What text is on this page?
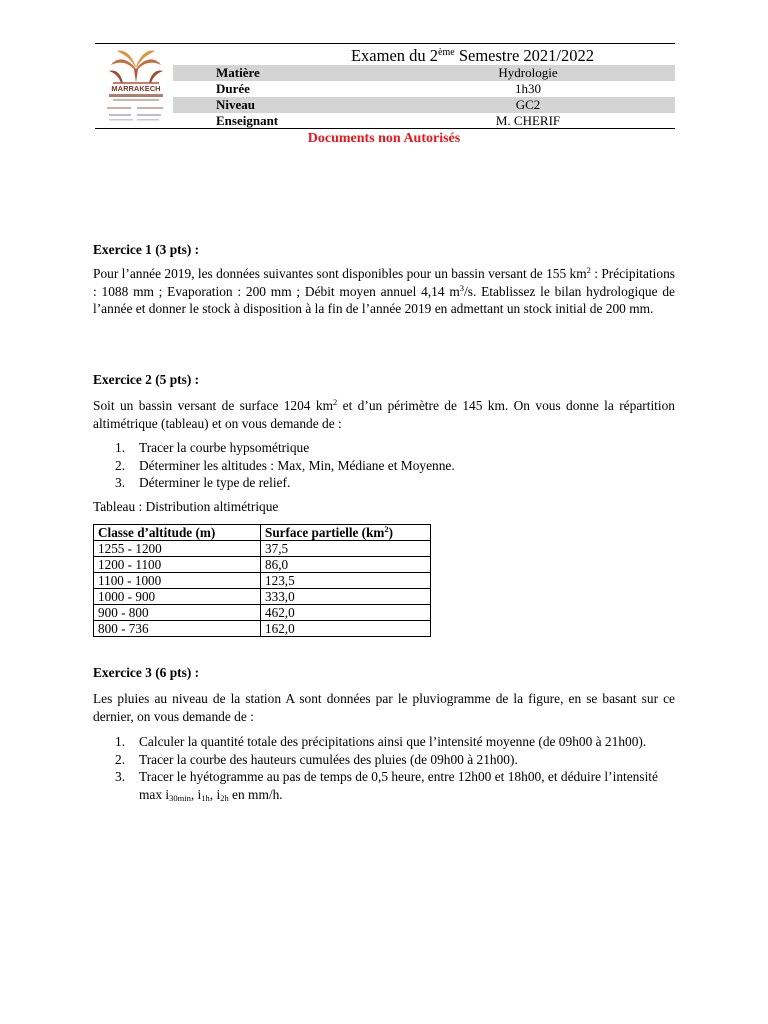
MARRAKECH
Examen du 2ème Semestre 2021/2022
Matière	Hydrologie
Durée	1h30
Niveau	GC2
Enseignant	M. CHERIF
Documents non Autorisés
Exercice 1 (3 pts) :
Pour l’année 2019, les données suivantes sont disponibles pour un bassin versant de 155 $km^2$ : Précipitations : 1088 mm ; Evaporation : 200 mm ; Débit moyen annuel 4,14 $m^3/s$. Etablissez le bilan hydrologique de l’année et donner le stock à disposition à la fin de l’année 2019 en admettant un stock initial de 200 mm.
Exercice 2 (5 pts) :
Soit un bassin versant de surface 1204 $km^2$ et d’un périmètre de 145 km. On vous donne la répartition altimétrique (tableau) et on vous demande de :
1. Tracer la courbe hypsométrique
2. Déterminer les altitudes : Max, Min, Médiane et Moyenne.
3. Déterminer le type de relief.
Tableau : Distribution altimétrique
Classe d’altitude (m)	Surface partielle $(km^2)$
1255 - 1200	37,5
1200 - 1100	86,0
1100 - 1000	123,5
1000 - 900	333,0
900 - 800	462,0
800 - 736	162,0
Exercice 3 (6 pts) :
Les pluies au niveau de la station A sont données par le pluviogramme de la figure, en se basant sur ce dernier, on vous demande de :
1. Calculer la quantité totale des précipitations ainsi que l’intensité moyenne (de 09h00 à 21h00).
2. Tracer la courbe des hauteurs cumulées des pluies (de 09h00 à 21h00).
3. Tracer le hyétogramme au pas de temps de 0,5 heure, entre 12h00 et 18h00, et déduire l’intensité $\max i_{30min}$, $i_{1h}$, $i_{2h}$ en mm/h.
